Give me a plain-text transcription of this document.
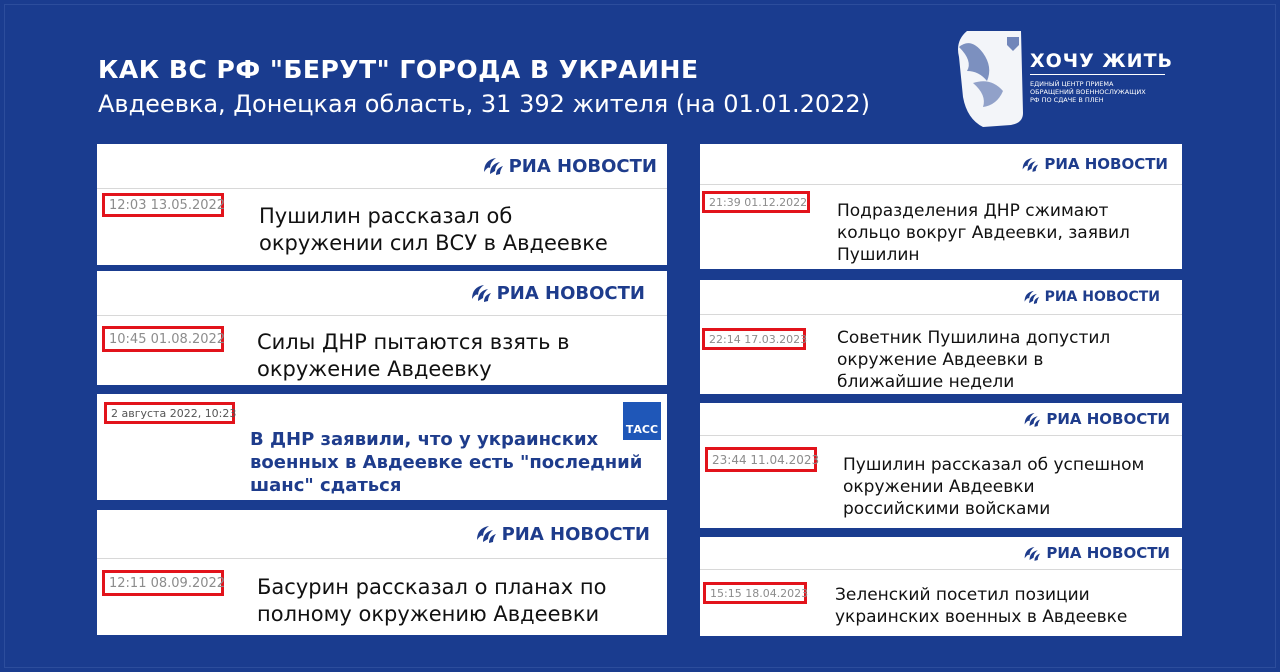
КАК ВС РФ "БЕРУТ" ГОРОДА В УКРАИНЕ
Авдеевка, Донецкая область, 31 392 жителя (на 01.01.2022)
ХОЧУ ЖИТЬ
ЕДИНЫЙ ЦЕНТР ПРИЕМА
ОБРАЩЕНИЙ ВОЕННОСЛУЖАЩИХ
РФ ПО СДАЧЕ В ПЛЕН
РИА НОВОСТИ
12:03 13.05.2022 Пушилин рассказал об
окружении сил ВСУ в Авдеевке
РИА НОВОСТИ
10:45 01.08.2022 Силы ДНР пытаются взять в
окружение Авдеевку
2 августа 2022, 10:23
ТАСС
В ДНР заявили, что у украинских
военных в Авдеевке есть "последний
шанс" сдаться
РИА НОВОСТИ
12:11 08.09.2022 Басурин рассказал о планах по
полному окружению Авдеевки
РИА НОВОСТИ
21:39 01.12.2022 Подразделения ДНР сжимают
кольцо вокруг Авдеевки, заявил
Пушилин
РИА НОВОСТИ
22:14 17.03.2023 Советник Пушилина допустил
окружение Авдеевки в
ближайшие недели
РИА НОВОСТИ
23:44 11.04.2023 Пушилин рассказал об успешном
окружении Авдеевки
российскими войсками
РИА НОВОСТИ
15:15 18.04.2023 Зеленский посетил позиции
украинских военных в Авдеевке
